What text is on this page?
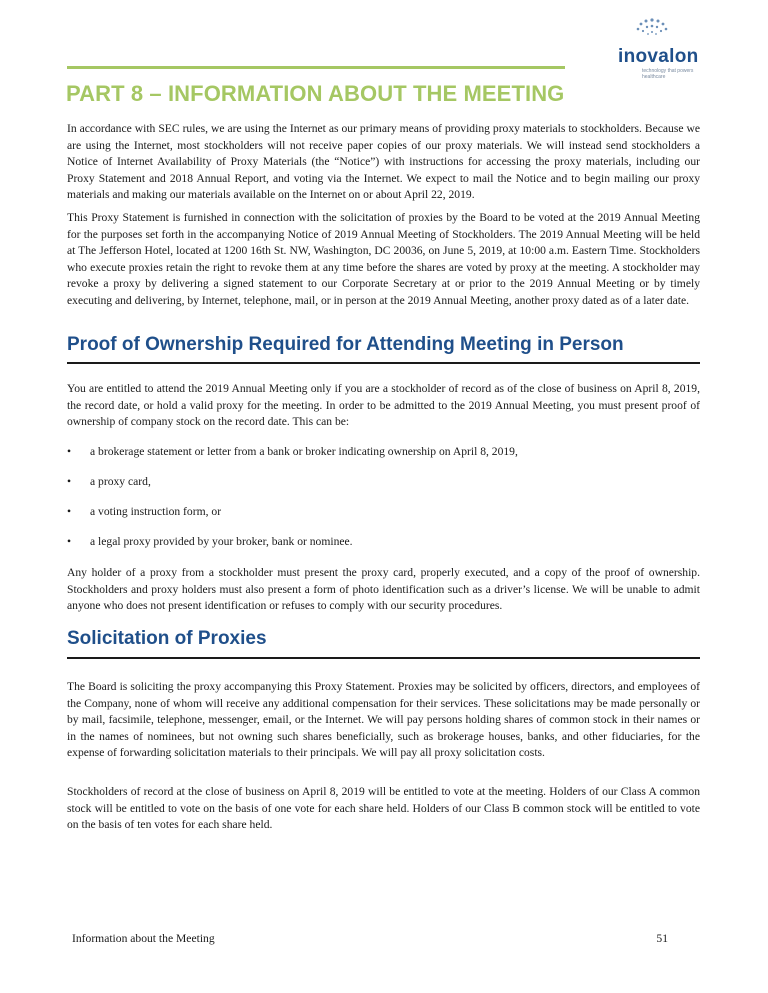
inovalon
technology that powers healthcare
PART 8 – INFORMATION ABOUT THE MEETING

In accordance with SEC rules, we are using the Internet as our primary means of providing proxy materials to stockholders. Because we are using the Internet, most stockholders will not receive paper copies of our proxy materials. We will instead send stockholders a Notice of Internet Availability of Proxy Materials (the “Notice”) with instructions for accessing the proxy materials, including our Proxy Statement and 2018 Annual Report, and voting via the Internet. We expect to mail the Notice and to begin mailing our proxy materials and making our materials available on the Internet on or about April 22, 2019.

This Proxy Statement is furnished in connection with the solicitation of proxies by the Board to be voted at the 2019 Annual Meeting for the purposes set forth in the accompanying Notice of 2019 Annual Meeting of Stockholders. The 2019 Annual Meeting will be held at The Jefferson Hotel, located at 1200 16th St. NW, Washington, DC 20036, on June 5, 2019, at 10:00 a.m. Eastern Time. Stockholders who execute proxies retain the right to revoke them at any time before the shares are voted by proxy at the meeting. A stockholder may revoke a proxy by delivering a signed statement to our Corporate Secretary at or prior to the 2019 Annual Meeting or by timely executing and delivering, by Internet, telephone, mail, or in person at the 2019 Annual Meeting, another proxy dated as of a later date.

Proof of Ownership Required for Attending Meeting in Person

You are entitled to attend the 2019 Annual Meeting only if you are a stockholder of record as of the close of business on April 8, 2019, the record date, or hold a valid proxy for the meeting. In order to be admitted to the 2019 Annual Meeting, you must present proof of ownership of company stock on the record date. This can be:

• a brokerage statement or letter from a bank or broker indicating ownership on April 8, 2019,
• a proxy card,
• a voting instruction form, or
• a legal proxy provided by your broker, bank or nominee.

Any holder of a proxy from a stockholder must present the proxy card, properly executed, and a copy of the proof of ownership. Stockholders and proxy holders must also present a form of photo identification such as a driver’s license. We will be unable to admit anyone who does not present identification or refuses to comply with our security procedures.

Solicitation of Proxies

The Board is soliciting the proxy accompanying this Proxy Statement. Proxies may be solicited by officers, directors, and employees of the Company, none of whom will receive any additional compensation for their services. These solicitations may be made personally or by mail, facsimile, telephone, messenger, email, or the Internet. We will pay persons holding shares of common stock in their names or in the names of nominees, but not owning such shares beneficially, such as brokerage houses, banks, and other fiduciaries, for the expense of forwarding solicitation materials to their principals. We will pay all proxy solicitation costs.

Stockholders of record at the close of business on April 8, 2019 will be entitled to vote at the meeting. Holders of our Class A common stock will be entitled to vote on the basis of one vote for each share held. Holders of our Class B common stock will be entitled to vote on the basis of ten votes for each share held.

Information about the Meeting	51
